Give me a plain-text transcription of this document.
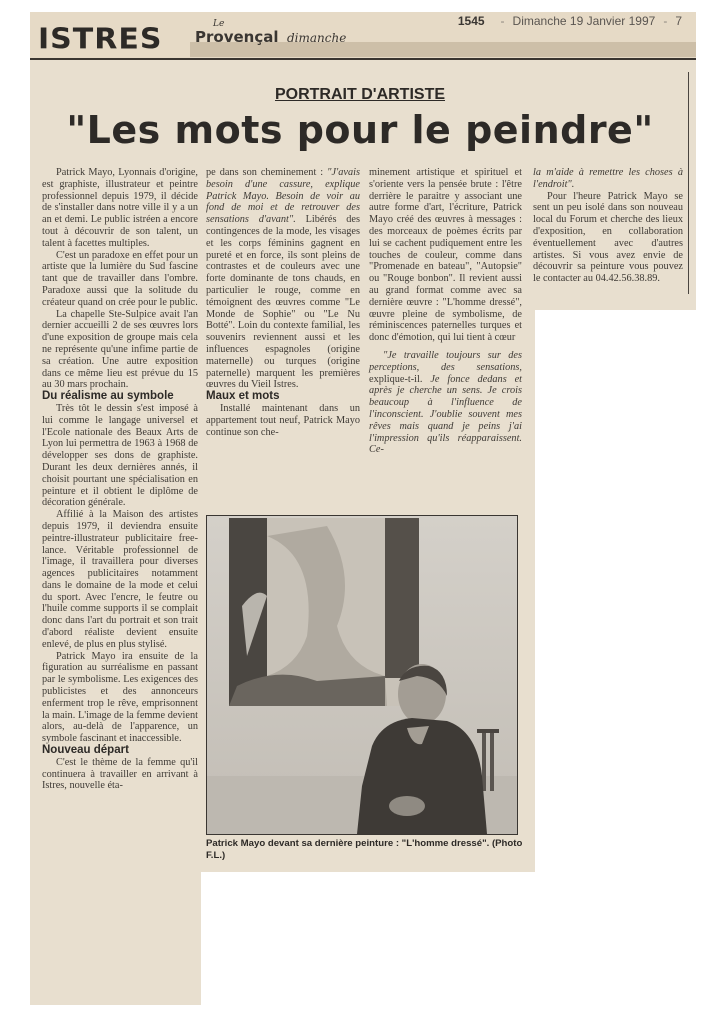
ISTRES	Le
Provençal dimanche
1545 - Dimanche 19 Janvier 1997 - 7
PORTRAIT D'ARTISTE
"Les mots pour le peindre"

Patrick Mayo, Lyonnais d'origine, est graphiste, illustrateur et peintre professionnel depuis 1979, il décide de s'installer dans notre ville il y a un an et demi. Le public istréen a encore tout à découvrir de son talent, un talent à facettes multiples.

C'est un paradoxe en effet pour un artiste que la lumière du Sud fascine tant que de travailler dans l'ombre. Paradoxe aussi que la solitude du créateur quand on crée pour le public.

La chapelle Ste-Sulpice avait l'an dernier accueilli 2 de ses œuvres lors d'une exposition de groupe mais cela ne représente qu'une infime partie de sa création. Une autre exposition dans ce même lieu est prévue du 15 au 30 mars prochain.

Du réalisme au symbole

Très tôt le dessin s'est imposé à lui comme le langage universel et l'Ecole nationale des Beaux Arts de Lyon lui permettra de 1963 à 1968 de développer ses dons de graphiste. Durant les deux dernières annés, il choisit pourtant une spécialisation en peinture et il obtient le diplôme de décoration générale.

Affilié à la Maison des artistes depuis 1979, il deviendra ensuite peintre-illustrateur publicitaire free-lance. Véritable professionnel de l'image, il travaillera pour diverses agences publicitaires notamment dans le domaine de la mode et celui du sport. Avec l'encre, le feutre ou l'huile comme supports il se complait donc dans l'art du portrait et son trait d'abord réaliste devient ensuite enlevé, de plus en plus stylisé.

Patrick Mayo ira ensuite de la figuration au surréalisme en passant par le symbolisme. Les exigences des publicistes et des annonceurs enferment trop le rêve, emprisonnent la main. L'image de la femme devient alors, au-delà de l'apparence, un symbole fascinant et inaccessible.

Nouveau départ

C'est le thème de la femme qu'il continuera à travailler en arrivant à Istres, nouvelle éta-

pe dans son cheminement : "J'avais besoin d'une cassure, explique Patrick Mayo. Besoin de voir au fond de moi et de retrouver des sensations d'avant". Libérés des contingences de la mode, les visages et les corps féminins gagnent en pureté et en force, ils sont pleins de contrastes et de couleurs avec une forte dominante de tons chauds, en particulier le rouge, comme en témoignent des œuvres comme "Le Monde de Sophie" ou "Le Nu Botté". Loin du contexte familial, les souvenirs reviennent aussi et les influences espagnoles (origine maternelle) ou turques (origine paternelle) marquent les premières œuvres du Vieil Istres.

Maux et mots

Installé maintenant dans un appartement tout neuf, Patrick Mayo continue son che-

minement artistique et spirituel et s'oriente vers la pensée brute : l'être derrière le paraitre y associant une autre forme d'art, l'écriture, Patrick Mayo créé des œuvres à messages : des morceaux de poèmes écrits par lui se cachent pudiquement entre les touches de couleur, comme dans "Promenade en bateau", "Autopsie" ou "Rouge bonbon". Il revient aussi au grand format comme avec sa dernière œuvre : "L'homme dressé", œuvre pleine de symbolisme, de réminiscences paternelles turques et donc d'émotion, qui lui tient à cœur

"Je travaille toujours sur des perceptions, des sensations, explique-t-il. Je fonce dedans et après je cherche un sens. Je crois beaucoup à l'influence de l'inconscient. J'oublie souvent mes rêves mais quand je peins j'ai l'impression qu'ils réapparaissent. Ce-

la m'aide à remettre les choses à l'endroit".

Pour l'heure Patrick Mayo se sent un peu isolé dans son nouveau local du Forum et cherche des lieux d'exposition, en collaboration éventuellement avec d'autres artistes. Si vous avez envie de découvrir sa peinture vous pouvez le contacter au 04.42.56.38.89.

Patrick Mayo devant sa dernière peinture : "L'homme dressé". (Photo F.L.)
